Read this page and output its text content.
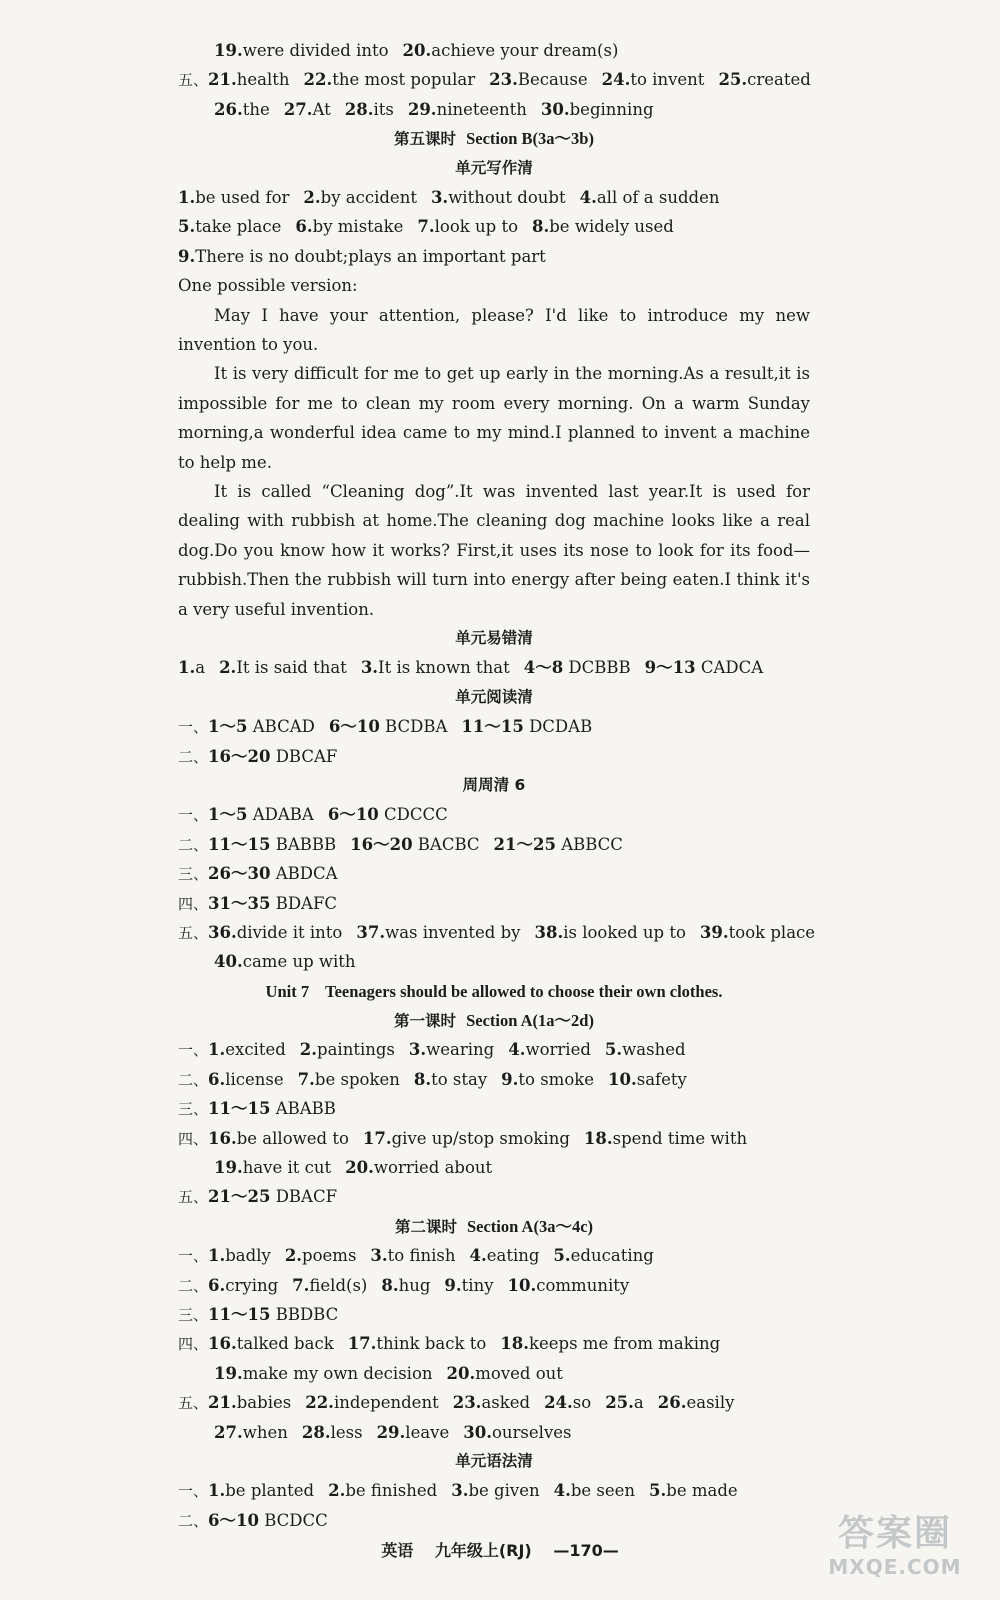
19.were divided into 20.achieve your dream(s)
五、21.health 22.the most popular 23.Because 24.to invent 25.created
26.the 27.At 28.its 29.nineteenth 30.beginning
第五课时 Section B(3a～3b)
单元写作清
1.be used for 2.by accident 3.without doubt 4.all of a sudden
5.take place 6.by mistake 7.look up to 8.be widely used
9.There is no doubt;plays an important part
One possible version:
May I have your attention, please? I'd like to introduce my new invention to you.
It is very difficult for me to get up early in the morning.As a result,it is impossible for me to clean my room every morning. On a warm Sunday morning,a wonderful idea came to my mind.I planned to invent a machine to help me.
It is called “Cleaning dog”.It was invented last year.It is used for dealing with rubbish at home.The cleaning dog machine looks like a real dog.Do you know how it works? First,it uses its nose to look for its food—rubbish.Then the rubbish will turn into energy after being eaten.I think it's a very useful invention.
单元易错清
1.a 2.It is said that 3.It is known that 4～8 DCBBB 9～13 CADCA
单元阅读清
一、1～5 ABCAD 6～10 BCDBA 11～15 DCDAB
二、16～20 DBCAF
周周清 6
一、1～5 ADABA 6～10 CDCCC
二、11～15 BABBB 16～20 BACBC 21～25 ABBCC
三、26～30 ABDCA
四、31～35 BDAFC
五、36.divide it into 37.was invented by 38.is looked up to 39.took place
40.came up with
Unit 7 Teenagers should be allowed to choose their own clothes.
第一课时 Section A(1a～2d)
一、1.excited 2.paintings 3.wearing 4.worried 5.washed
二、6.license 7.be spoken 8.to stay 9.to smoke 10.safety
三、11～15 ABABB
四、16.be allowed to 17.give up/stop smoking 18.spend time with
19.have it cut 20.worried about
五、21～25 DBACF
第二课时 Section A(3a～4c)
一、1.badly 2.poems 3.to finish 4.eating 5.educating
二、6.crying 7.field(s) 8.hug 9.tiny 10.community
三、11～15 BBDBC
四、16.talked back 17.think back to 18.keeps me from making
19.make my own decision 20.moved out
五、21.babies 22.independent 23.asked 24.so 25.a 26.easily
27.when 28.less 29.leave 30.ourselves
单元语法清
一、1.be planted 2.be finished 3.be given 4.be seen 5.be made
二、6～10 BCDCC
英语 九年级上(RJ) —170—	答案圈
MXQE.COM
